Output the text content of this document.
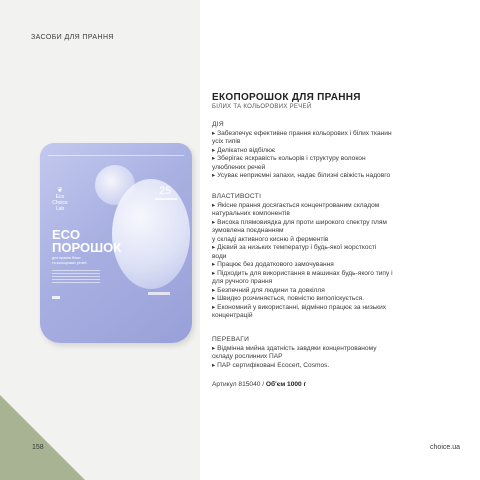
ЗАСОБИ ДЛЯ ПРАННЯ
❦
Eco
Choice
Lab
25
ECO
ПОРОШОК
для прання білих
та кольорових речей
158	choice.ua
ЕКОПОРОШОК ДЛЯ ПРАННЯ
БІЛИХ ТА КОЛЬОРОВИХ РЕЧЕЙ

ДІЯ

▸ Забезпечує ефективне прання кольорових і білих тканин

усіх типів

▸ Делікатно відбілює

▸ Зберігає яскравість кольорів і структуру волокон

улюблених речей

▸ Усуває неприємні запахи, надає білизні свіжість надовго

ВЛАСТИВОСТІ

▸ Якісне прання досягається концентрованим складом

натуральних компонентів

▸ Висока плямовиядка для проти широкого спектру плям

зумовлена поєднанням

у складі активного кисню й ферментів

▸ Дієвий за низьких температур і будь-якої жорсткості

води

▸ Працює без додаткового замочування

▸ Підходить для використання в машинах будь-якого типу і

для ручного прання

▸ Безпечний для людини та довкілля

▸ Швидко розчиняється, повністю виполіскується.

▸ Економний у використанні, відмінно працює за низьких

концентрацій

ПЕРЕВАГИ

▸ Відмінна мийна здатність завдяки концентрованому

складу рослинних ПАР

▸ ПАР сертифіковані Ecocert, Cosmos.

Артикул 815040 / Об'єм 1000 г
